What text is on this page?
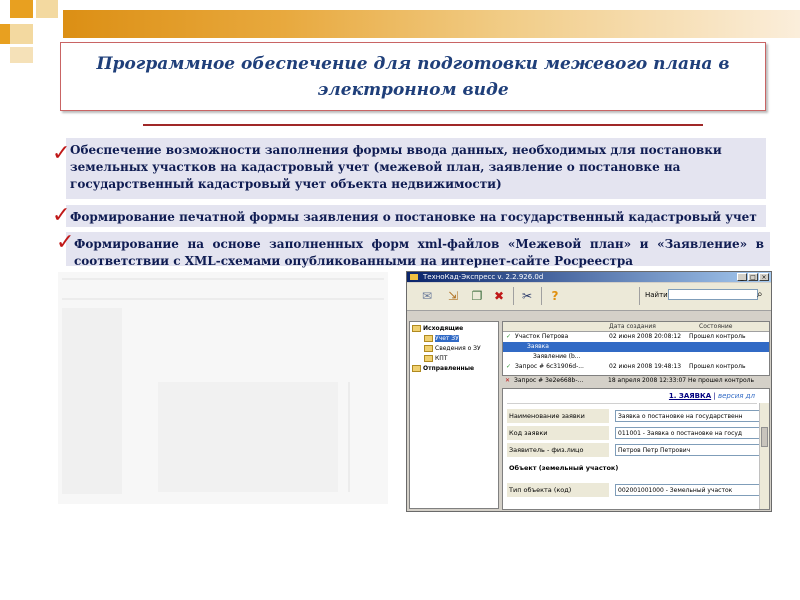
Программное обеспечение для подготовки межевого плана в электронном виде
✓ Обеспечение возможности заполнения формы ввода данных, необходимых для постановки земельных участков на кадастровый учет (межевой план, заявление о постановке на государственный кадастровый учет объекта недвижимости)
✓ Формирование печатной формы заявления о постановке на государственный кадастровый учет
✓ Формирование на основе заполненных форм xml-файлов «Межевой план» и «Заявление» в соответствии с XML-схемами опубликованными на интернет-сайте Росреестра
ТехноКад-Экспресс v. 2.2.926.0d	_	□ ×
✉ ⇲ ❐ ✖ ✂	?	Найти	⌕
Исходящие
Учет ЗУ
Сведения о ЗУ
КПТ
Отправленные
Дата создания	Состояние
✓ Участок Петрова	02 июня 2008 20:08:12 Прошел контроль
Заявка
Заявление (b...
✓ Запрос # 6c31906d-...	02 июня 2008 19:48:13 Прошел контроль
✕ Запрос # 3e2e668b-...	18 апреля 2008 12:33:07 Не прошел контроль
1. ЗАЯВКА | версия дл
Наименование заявки	Заявка о постановке на государственн
Код заявки	011001 - Заявка о постановке на госуд
Заявитель - физ.лицо	Петров Петр Петрович
Объект (земельный участок)
Тип объекта (код)	002001001000 - Земельный участок
